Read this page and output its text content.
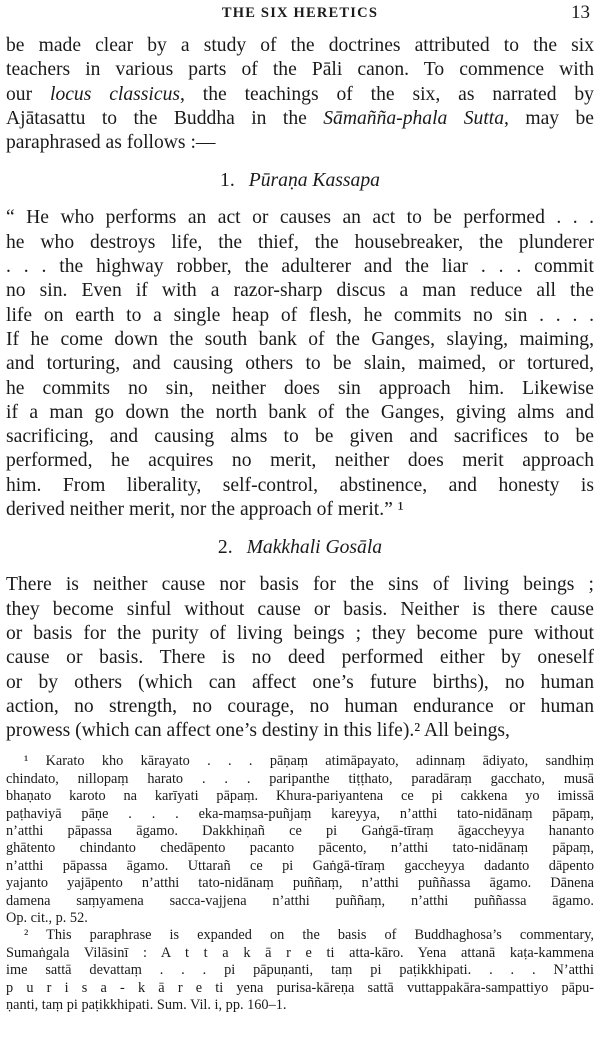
THE SIX HERETICS	13
be made clear by a study of the doctrines attributed to the six
teachers in various parts of the Pāli canon. To commence with
our locus classicus, the teachings of the six, as narrated by
Ajātasattu to the Buddha in the Sāmañña-phala Sutta, may be
paraphrased as follows :—
1. Pūraṇa Kassapa
“ He who performs an act or causes an act to be performed . . .
he who destroys life, the thief, the housebreaker, the plunderer
. . . the highway robber, the adulterer and the liar . . . commit
no sin. Even if with a razor-sharp discus a man reduce all the
life on earth to a single heap of flesh, he commits no sin . . . .
If he come down the south bank of the Ganges, slaying, maiming,
and torturing, and causing others to be slain, maimed, or tortured,
he commits no sin, neither does sin approach him. Likewise
if a man go down the north bank of the Ganges, giving alms and
sacrificing, and causing alms to be given and sacrifices to be
performed, he acquires no merit, neither does merit approach
him. From liberality, self-control, abstinence, and honesty is
derived neither merit, nor the approach of merit.” ¹
2. Makkhali Gosāla
There is neither cause nor basis for the sins of living beings ;
they become sinful without cause or basis. Neither is there cause
or basis for the purity of living beings ; they become pure without
cause or basis. There is no deed performed either by oneself
or by others (which can affect one’s future births), no human
action, no strength, no courage, no human endurance or human
prowess (which can affect one’s destiny in this life).² All beings,
¹ Karato kho kārayato . . . pāṇaṃ atimāpayato, adinnaṃ ādiyato, sandhiṃ
chindato, nillopaṃ harato . . . paripanthe tiṭṭhato, paradāraṃ gacchato, musā
bhaṇato karoto na karīyati pāpaṃ. Khura-pariyantena ce pi cakkena yo imissā
paṭhaviyā pāṇe . . . eka-maṃsa-puñjaṃ kareyya, n’atthi tato-nidānaṃ pāpaṃ,
n’atthi pāpassa āgamo. Dakkhiṇañ ce pi Gaṅgā-tīraṃ āgaccheyya hananto
ghātento chindanto chedāpento pacanto pācento, n’atthi tato-nidānaṃ pāpaṃ,
n’atthi pāpassa āgamo. Uttarañ ce pi Gaṅgā-tīraṃ gaccheyya dadanto dāpento
yajanto yajāpento n’atthi tato-nidānaṃ puññaṃ, n’atthi puññassa āgamo. Dānena
damena saṃyamena sacca-vajjena n’atthi puññaṃ, n’atthi puññassa āgamo.
Op. cit., p. 52.
² This paraphrase is expanded on the basis of Buddhaghosa’s commentary,
Sumaṅgala Vilāsinī : A t t a k ā r e ti atta-kāro. Yena attanā kaṭa-kammena
ime sattā devattaṃ . . . pi pāpuṇanti, taṃ pi paṭikkhipati. . . . N’atthi
p u r i s a - k ā r e ti yena purisa-kāreṇa sattā vuttappakāra-sampattiyo pāpu-
ṇanti, taṃ pi paṭikkhipati. Sum. Vil. i, pp. 160–1.
